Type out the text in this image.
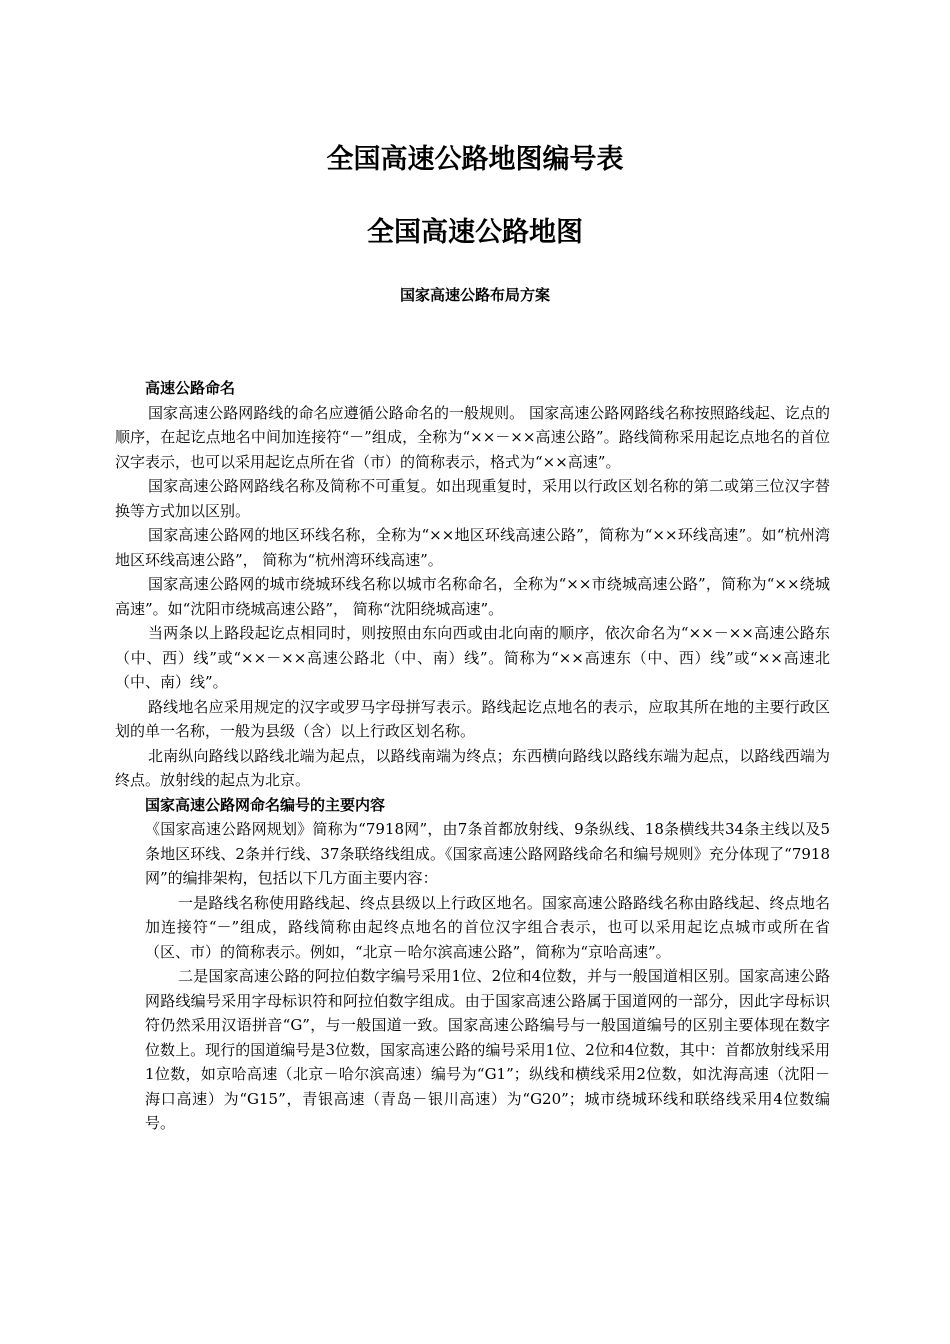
全国高速公路地图编号表
全国高速公路地图
国家高速公路布局方案

高速公路命名

国家高速公路网路线的命名应遵循公路命名的一般规则。 国家高速公路网路线名称按照路线起、讫点的顺序，在起讫点地名中间加连接符“－”组成，全称为“××－××高速公路”。路线简称采用起讫点地名的首位汉字表示，也可以采用起讫点所在省（市）的简称表示，格式为“××高速”。

国家高速公路网路线名称及简称不可重复。如出现重复时，采用以行政区划名称的第二或第三位汉字替换等方式加以区别。

国家高速公路网的地区环线名称，全称为“××地区环线高速公路”，简称为“××环线高速”。如“杭州湾地区环线高速公路”， 简称为“杭州湾环线高速”。

国家高速公路网的城市绕城环线名称以城市名称命名，全称为“××市绕城高速公路”，简称为“××绕城高速”。如“沈阳市绕城高速公路”， 简称“沈阳绕城高速”。

当两条以上路段起讫点相同时，则按照由东向西或由北向南的顺序，依次命名为“××－××高速公路东（中、西）线”或“××－××高速公路北（中、南）线”。简称为“××高速东（中、西）线”或“××高速北（中、南）线”。

路线地名应采用规定的汉字或罗马字母拼写表示。路线起讫点地名的表示，应取其所在地的主要行政区划的单一名称，一般为县级（含）以上行政区划名称。

北南纵向路线以路线北端为起点，以路线南端为终点；东西横向路线以路线东端为起点，以路线西端为终点。放射线的起点为北京。

国家高速公路网命名编号的主要内容

《国家高速公路网规划》简称为“7918网”，由7条首都放射线、9条纵线、18条横线共34条主线以及5条地区环线、2条并行线、37条联络线组成。《国家高速公路网路线命名和编号规则》充分体现了“7918网”的编排架构，包括以下几方面主要内容：

一是路线名称使用路线起、终点县级以上行政区地名。国家高速公路路线名称由路线起、终点地名加连接符“－”组成，路线简称由起终点地名的首位汉字组合表示，也可以采用起讫点城市或所在省（区、市）的简称表示。例如，“北京－哈尔滨高速公路”，简称为“京哈高速”。

二是国家高速公路的阿拉伯数字编号采用1位、2位和4位数，并与一般国道相区别。国家高速公路网路线编号采用字母标识符和阿拉伯数字组成。由于国家高速公路属于国道网的一部分，因此字母标识符仍然采用汉语拼音“G”，与一般国道一致。国家高速公路编号与一般国道编号的区别主要体现在数字位数上。现行的国道编号是3位数，国家高速公路的编号采用1位、2位和4位数，其中：首都放射线采用1位数，如京哈高速（北京－哈尔滨高速）编号为“G1”；纵线和横线采用2位数，如沈海高速（沈阳－海口高速）为“G15”，青银高速（青岛－银川高速）为“G20”；城市绕城环线和联络线采用4位数编号。
